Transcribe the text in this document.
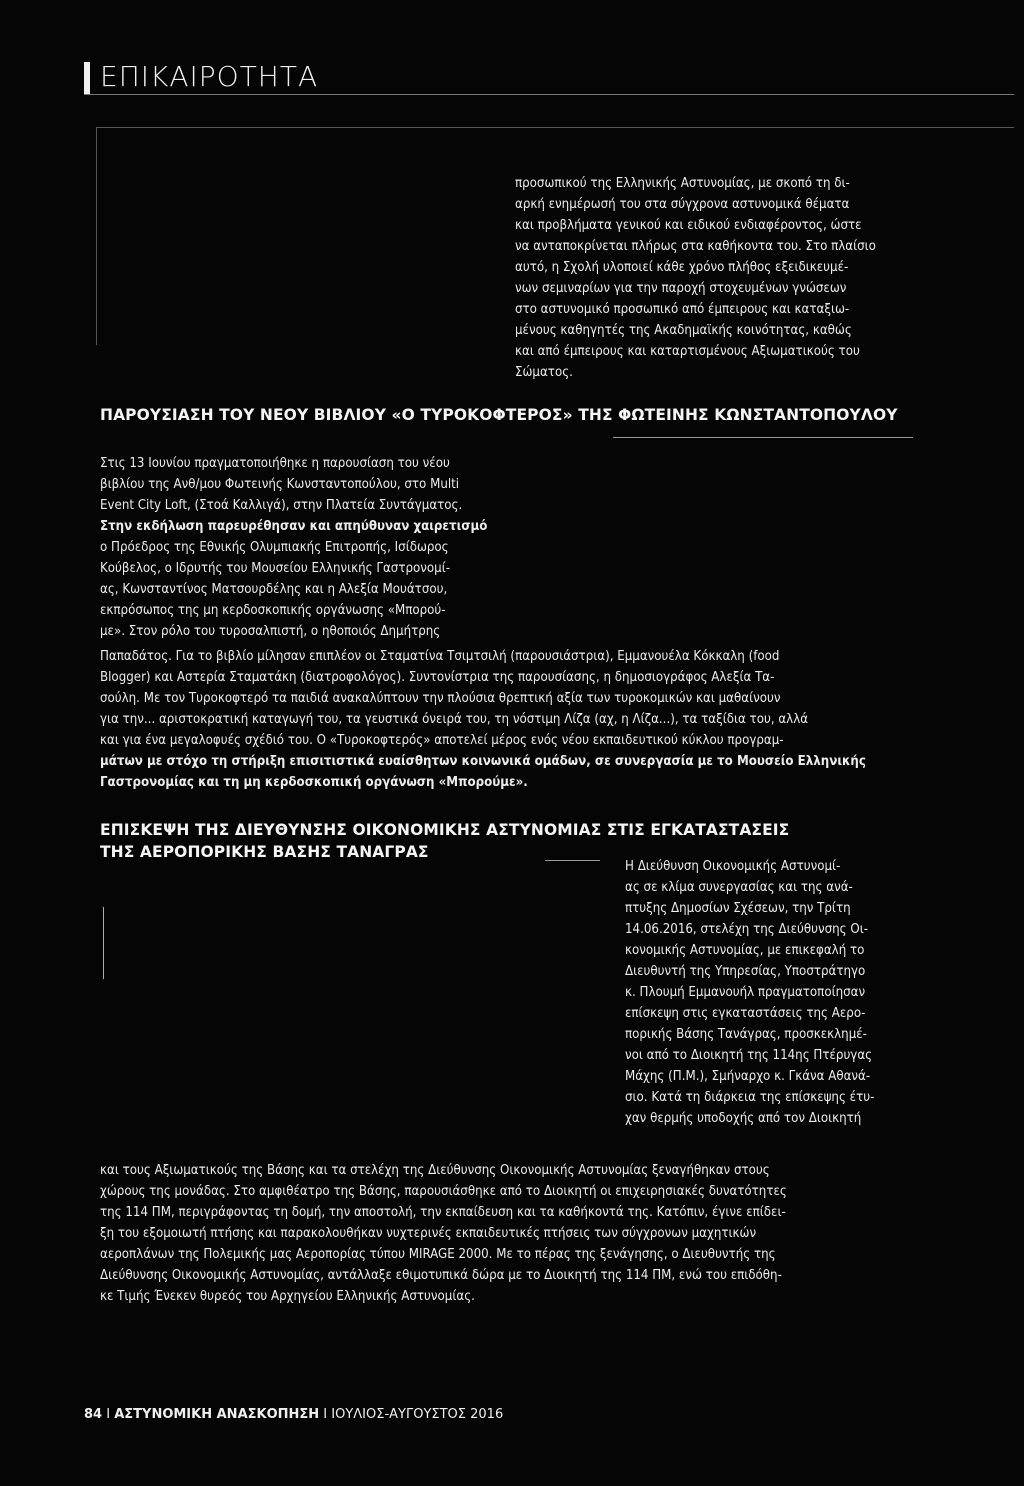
ΕΠΙΚΑΙΡΟΤΗΤΑ

προσωπικού της Ελληνικής Αστυνομίας, με σκοπό τη δι-

αρκή ενημέρωσή του στα σύγχρονα αστυνομικά θέματα

και προβλήματα γενικού και ειδικού ενδιαφέροντος, ώστε

να ανταποκρίνεται πλήρως στα καθήκοντα του. Στο πλαίσιο

αυτό, η Σχολή υλοποιεί κάθε χρόνο πλήθος εξειδικευμέ-

νων σεμιναρίων για την παροχή στοχευμένων γνώσεων

στο αστυνομικό προσωπικό από έμπειρους και καταξιω-

μένους καθηγητές της Ακαδημαϊκής κοινότητας, καθώς

και από έμπειρους και καταρτισμένους Αξιωματικούς του

Σώματος.

ΠΑΡΟΥΣΙΑΣΗ ΤΟΥ ΝΕΟΥ ΒΙΒΛΙΟΥ «Ο ΤΥΡΟΚΟΦΤΕΡΟΣ» ΤΗΣ ΦΩΤΕΙΝΗΣ ΚΩΝΣΤΑΝΤΟΠΟΥΛΟΥ

Στις 13 Ιουνίου πραγματοποιήθηκε η παρουσίαση του νέου

βιβλίου της Ανθ/μου Φωτεινής Κωνσταντοπούλου, στο Multi

Event City Loft, (Στοά Καλλιγά), στην Πλατεία Συντάγματος.

Στην εκδήλωση παρευρέθησαν και απηύθυναν χαιρετισμό

ο Πρόεδρος της Εθνικής Ολυμπιακής Επιτροπής, Ισίδωρος

Κούβελος, ο Ιδρυτής του Μουσείου Ελληνικής Γαστρονομί-

ας, Κωνσταντίνος Ματσουρδέλης και η Αλεξία Μουάτσου,

εκπρόσωπος της μη κερδοσκοπικής οργάνωσης «Μπορού-

με». Στον ρόλο του τυροσαλπιστή, ο ηθοποιός Δημήτρης

Παπαδάτος. Για το βιβλίο μίλησαν επιπλέον οι Σταματίνα Τσιμτσιλή (παρουσιάστρια), Εμμανουέλα Κόκκαλη (food

Blogger) και Αστερία Σταματάκη (διατροφολόγος). Συντονίστρια της παρουσίασης, η δημοσιογράφος Αλεξία Τα-

σούλη. Με τον Τυροκοφτερό τα παιδιά ανακαλύπτουν την πλούσια θρεπτική αξία των τυροκομικών και μαθαίνουν

για την... αριστοκρατική καταγωγή του, τα γευστικά όνειρά του, τη νόστιμη Λίζα (αχ, η Λίζα...), τα ταξίδια του, αλλά

και για ένα μεγαλοφυές σχέδιό του. Ο «Τυροκοφτερός» αποτελεί μέρος ενός νέου εκπαιδευτικού κύκλου προγραμ-

μάτων με στόχο τη στήριξη επισιτιστικά ευαίσθητων κοινωνικά ομάδων, σε συνεργασία με το Μουσείο Ελληνικής

Γαστρονομίας και τη μη κερδοσκοπική οργάνωση «Μπορούμε».

ΕΠΙΣΚΕΨΗ ΤΗΣ ΔΙΕΥΘΥΝΣΗΣ ΟΙΚΟΝΟΜΙΚΗΣ ΑΣΤΥΝΟΜΙΑΣ ΣΤΙΣ ΕΓΚΑΤΑΣΤΑΣΕΙΣ
ΤΗΣ ΑΕΡΟΠΟΡΙΚΗΣ ΒΑΣΗΣ ΤΑΝΑΓΡΑΣ

Η Διεύθυνση Οικονομικής Αστυνομί-

ας σε κλίμα συνεργασίας και της ανά-

πτυξης Δημοσίων Σχέσεων, την Τρίτη

14.06.2016, στελέχη της Διεύθυνσης Οι-

κονομικής Αστυνομίας, με επικεφαλή το

Διευθυντή της Υπηρεσίας, Υποστράτηγο

κ. Πλουμή Εμμανουήλ πραγματοποίησαν

επίσκεψη στις εγκαταστάσεις της Αερο-

πορικής Βάσης Τανάγρας, προσκεκλημέ-

νοι από το Διοικητή της 114ης Πτέρυγας

Μάχης (Π.Μ.), Σμήναρχο κ. Γκάνα Αθανά-

σιο. Κατά τη διάρκεια της επίσκεψης έτυ-

χαν θερμής υποδοχής από τον Διοικητή

και τους Αξιωματικούς της Βάσης και τα στελέχη της Διεύθυνσης Οικονομικής Αστυνομίας ξεναγήθηκαν στους

χώρους της μονάδας. Στο αμφιθέατρο της Βάσης, παρουσιάσθηκε από το Διοικητή οι επιχειρησιακές δυνατότητες

της 114 ΠΜ, περιγράφοντας τη δομή, την αποστολή, την εκπαίδευση και τα καθήκοντά της. Κατόπιν, έγινε επίδει-

ξη του εξομοιωτή πτήσης και παρακολουθήκαν νυχτερινές εκπαιδευτικές πτήσεις των σύγχρονων μαχητικών

αεροπλάνων της Πολεμικής μας Αεροπορίας τύπου MIRAGE 2000. Με το πέρας της ξενάγησης, ο Διευθυντής της

Διεύθυνσης Οικονομικής Αστυνομίας, αντάλλαξε εθιμοτυπικά δώρα με το Διοικητή της 114 ΠΜ, ενώ του επιδόθη-

κε Τιμής Ένεκεν θυρεός του Αρχηγείου Ελληνικής Αστυνομίας.

84 I ΑΣΤΥΝΟΜΙΚΗ ΑΝΑΣΚΟΠΗΣΗ I ΙΟΥΛΙΟΣ-ΑΥΓΟΥΣΤΟΣ 2016
